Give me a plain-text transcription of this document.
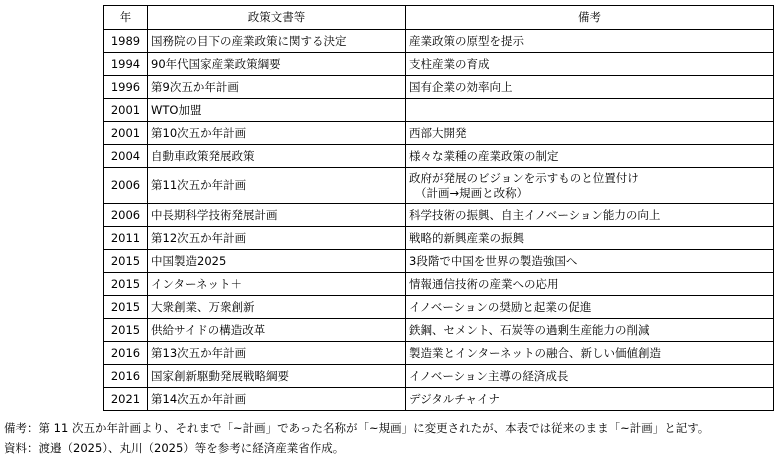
年	政策文書等	備考
1989	国務院の目下の産業政策に関する決定	産業政策の原型を提示

1994	90年代国家産業政策綱要	支柱産業の育成

1996	第9次五か年計画	国有企業の効率向上

2001	WTO加盟	

2001	第10次五か年計画	西部大開発

2004	自動車政策発展政策	様々な業種の産業政策の制定

2006	第11次五か年計画	政府が発展のビジョンを示すものと位置付け
（計画→規画と改称）

2006	中長期科学技術発展計画	科学技術の振興、自主イノベーション能力の向上

2011	第12次五か年計画	戦略的新興産業の振興

2015	中国製造2025	3段階で中国を世界の製造強国へ

2015	インターネット＋	情報通信技術の産業への応用

2015	大衆創業、万衆創新	イノベーションの奨励と起業の促進

2015	供給サイドの構造改革	鉄鋼、セメント、石炭等の過剰生産能力の削減

2016	第13次五か年計画	製造業とインターネットの融合、新しい価値創造

2016	国家創新駆動発展戦略綱要	イノベーション主導の経済成長

2021	第14次五か年計画	デジタルチャイナ
備考：第 11 次五か年計画より、それまで「~計画」であった名称が「~規画」に変更されたが、本表では従来のまま「~計画」と記す。
資料：渡邉（2025）、丸川（2025）等を参考に経済産業省作成。
